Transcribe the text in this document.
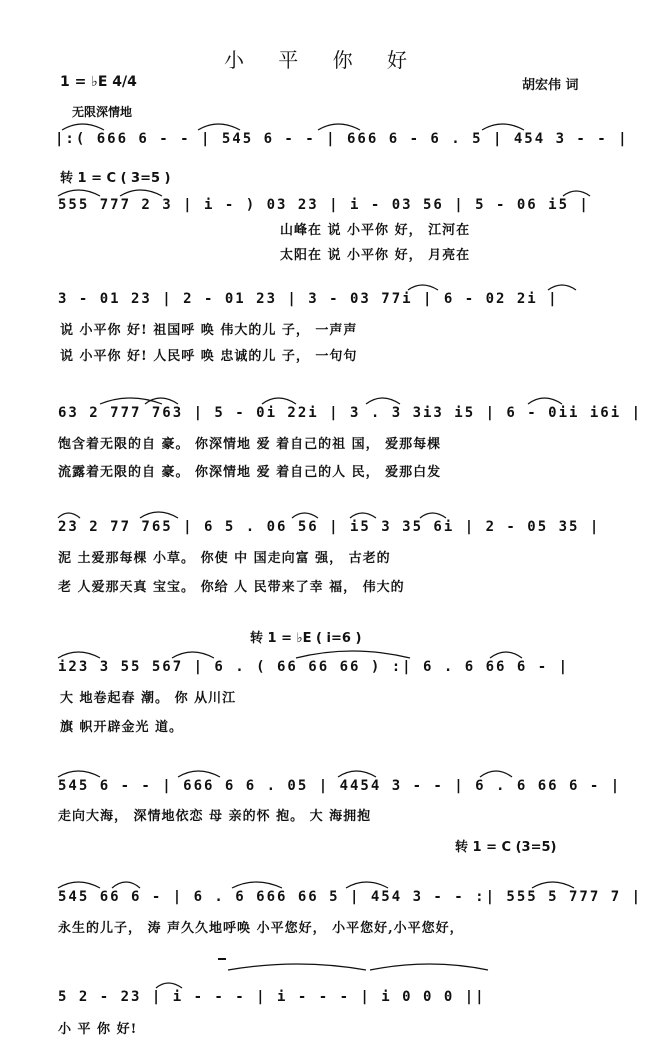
小 平 你 好
1 = ♭E 4/4	胡宏伟 词
无限深情地
|:( 666 6 - - | 545 6 - - | 666 6 - 6 . 5 | 454 3 - - |
转 1 = C ( 3=5 )
555 777 2 3 | i - ) 03 23 | i - 03 56 | 5 - 06 i5 |
山峰在 说 小平你 好， 江河在
太阳在 说 小平你 好， 月亮在
3 - 01 23 | 2 - 01 23 | 3 - 03 77i | 6 - 02 2i |
说 小平你 好! 祖国呼 唤 伟大的儿 子， 一声声
说 小平你 好! 人民呼 唤 忠诚的儿 子， 一句句
63 2 777 763 | 5 - 0i 22i | 3 . 3 3i3 i5 | 6 - 0ii i6i |
饱含着无限的自 豪。 你深情地 爱 着自己的祖 国， 爱那每棵
流露着无限的自 豪。 你深情地 爱 着自己的人 民， 爱那白发
23 2 77 765 | 6 5 . 06 56 | i5 3 35 6i | 2 - 05 35 |
泥 土爱那每棵 小草。 你使 中 国走向富 强， 古老的
老 人爱那天真 宝宝。 你给 人 民带来了幸 福， 伟大的
转 1 = ♭E ( i=6 )
i23 3 55 567 | 6 . ( 66 66 66 ) :| 6 . 6 66 6 - |
大 地卷起春 潮。 你 从川江
旗 帜开辟金光 道。
545 6 - - | 666 6 6 . 05 | 4454 3 - - | 6 . 6 66 6 - |
走向大海， 深情地依恋 母 亲的怀 抱。 大 海拥抱
转 1 = C (3=5)
545 66 6 - | 6 . 6 666 66 5 | 454 3 - - :| 555 5 777 7 |
永生的儿子， 涛 声久久地呼唤 小平您好， 小平您好,小平您好，
5 2 - 23 | i - - - | i - - - | i 0 0 0 ||
小 平 你 好!
